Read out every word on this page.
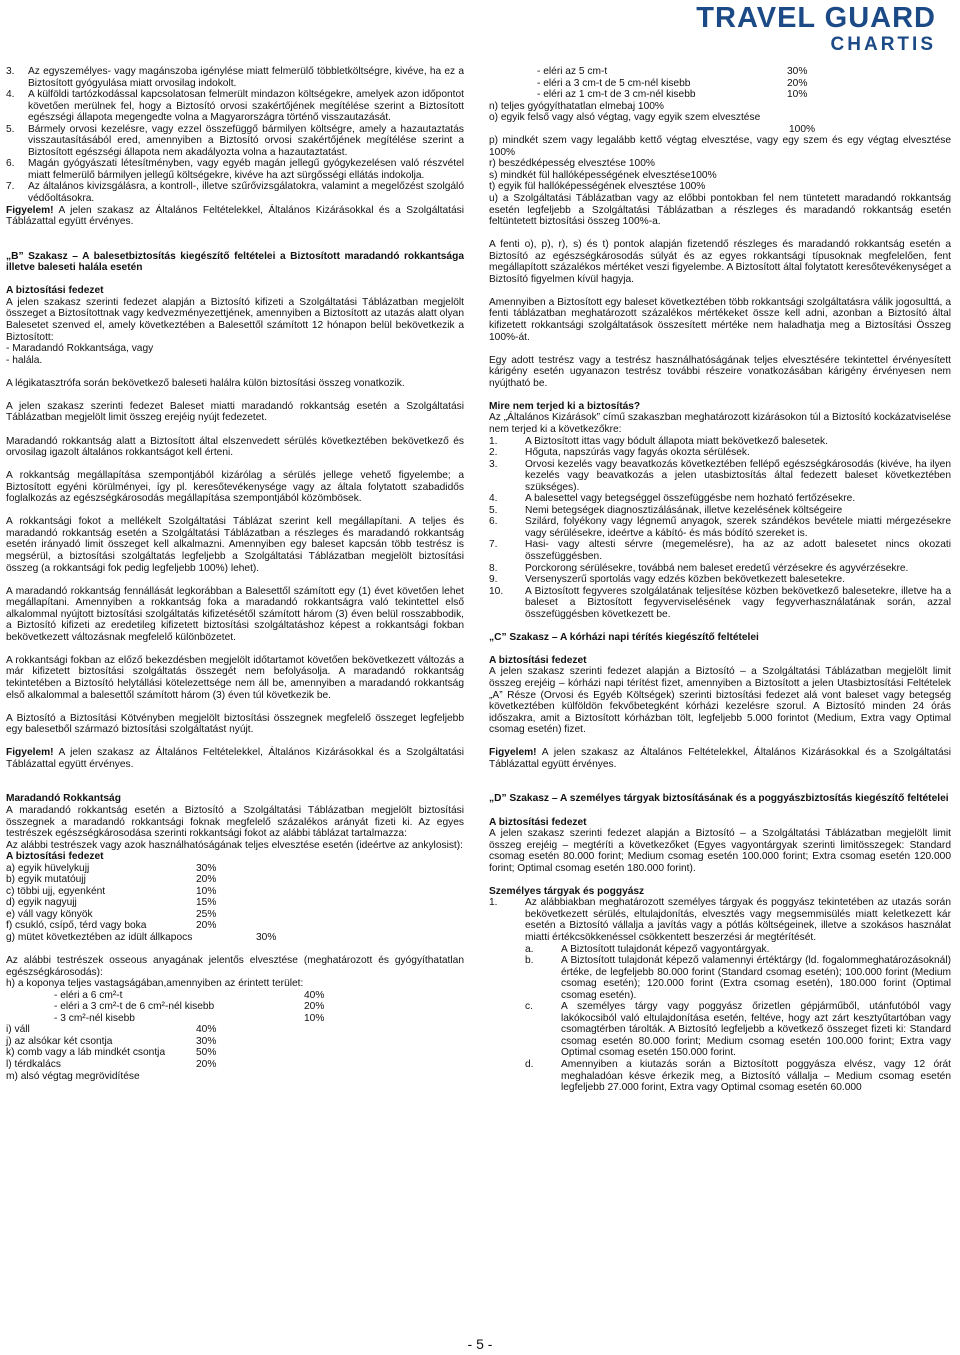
TRAVEL GUARD
CHARTIS

3. Az egyszemélyes- vagy magánszoba igénylése miatt felmerülő többletköltségre, kivéve, ha ez a Biztosított gyógyulása miatt orvosilag indokolt.

4. A külföldi tartózkodással kapcsolatosan felmerült mindazon költségekre, amelyek azon időpontot követően merülnek fel, hogy a Biztosító orvosi szakértőjének megítélése szerint a Biztosított egészségi állapota megengedte volna a Magyarországra történő visszautazását.

5. Bármely orvosi kezelésre, vagy ezzel összefüggő bármilyen költségre, amely a hazautaztatás visszautasításából ered, amennyiben a Biztosító orvosi szakértőjének megítélése szerint a Biztosított egészségi állapota nem akadályozta volna a hazautaztatást.

6. Magán gyógyászati létesítményben, vagy egyéb magán jellegű gyógykezelésen való részvétel miatt felmerülő bármilyen jellegű költségekre, kivéve ha azt sürgősségi ellátás indokolja.

7. Az általános kivizsgálásra, a kontroll-, illetve szűrővizsgálatokra, valamint a megelőzést szolgáló védőoltásokra.

Figyelem! A jelen szakasz az Általános Feltételekkel, Általános Kizárásokkal és a Szolgáltatási Táblázattal együtt érvényes.

„B” Szakasz – A balesetbiztosítás kiegészítő feltételei a Biztosított maradandó rokkantsága illetve baleseti halála esetén

A biztosítási fedezet

A jelen szakasz szerinti fedezet alapján a Biztosító kifizeti a Szolgáltatási Táblázatban megjelölt összeget a Biztosítottnak vagy kedvezményezettjének, amennyiben a Biztosított az utazás alatt olyan Balesetet szenved el, amely következtében a Balesettől számított 12 hónapon belül bekövetkezik a Biztosított:

- Maradandó Rokkantsága, vagy

- halála.

A légikatasztrófa során bekövetkező baleseti halálra külön biztosítási összeg vonatkozik.

A jelen szakasz szerinti fedezet Baleset miatti maradandó rokkantság esetén a Szolgáltatási Táblázatban megjelölt limit összeg erejéig nyújt fedezetet.

Maradandó rokkantság alatt a Biztosított által elszenvedett sérülés következtében bekövetkező és orvosilag igazolt általános rokkantságot kell érteni.

A rokkantság megállapítása szempontjából kizárólag a sérülés jellege vehető figyelembe; a Biztosított egyéni körülményei, így pl. keresőtevékenysége vagy az általa folytatott szabadidős foglalkozás az egészségkárosodás megállapítása szempontjából közömbösek.

A rokkantsági fokot a mellékelt Szolgáltatási Táblázat szerint kell megállapítani. A teljes és maradandó rokkantság esetén a Szolgáltatási Táblázatban a részleges és maradandó rokkantság esetén irányadó limit összeget kell alkalmazni. Amennyiben egy baleset kapcsán több testrész is megsérül, a biztosítási szolgáltatás legfeljebb a Szolgáltatási Táblázatban megjelölt biztosítási összeg (a rokkantsági fok pedig legfeljebb 100%) lehet).

A maradandó rokkantság fennállását legkorábban a Balesettől számított egy (1) évet követően lehet megállapítani. Amennyiben a rokkantság foka a maradandó rokkantságra való tekintettel első alkalommal nyújtott biztosítási szolgáltatás kifizetésétől számított három (3) éven belül rosszabbodik, a Biztosító kifizeti az eredetileg kifizetett biztosítási szolgáltatáshoz képest a rokkantsági fokban bekövetkezett változásnak megfelelő különbözetet.

A rokkantsági fokban az előző bekezdésben megjelölt időtartamot követően bekövetkezett változás a már kifizetett biztosítási szolgáltatás összegét nem befolyásolja. A maradandó rokkantság tekintetében a Biztosító helytállási kötelezettsége nem áll be, amennyiben a maradandó rokkantság első alkalommal a balesettől számított három (3) éven túl következik be.

A Biztosító a Biztosítási Kötvényben megjelölt biztosítási összegnek megfelelő összeget legfeljebb egy balesetből származó biztosítási szolgáltatást nyújt.

Figyelem! A jelen szakasz az Általános Feltételekkel, Általános Kizárásokkal és a Szolgáltatási Táblázattal együtt érvényes.

Maradandó Rokkantság

A maradandó rokkantság esetén a Biztosító a Szolgáltatási Táblázatban megjelölt biztosítási összegnek a maradandó rokkantsági foknak megfelelő százalékos arányát fizeti ki. Az egyes testrészek egészségkárosodása szerinti rokkantsági fokot az alábbi táblázat tartalmazza:

Az alábbi testrészek vagy azok használhatóságának teljes elvesztése esetén (ideértve az ankylosist):

A biztosítási fedezet

a) egyik hüvelykujj	30%
b) egyik mutatóujj	20%
c) többi ujj, egyenként	10%
d) egyik nagyujj	15%
e) váll vagy könyök	25%
f) csukló, csípő, térd vagy boka	20%
g) mütet következtében az idült állkapocs	30%

Az alábbi testrészek osseous anyagának jelentős elvesztése (meghatározott és gyógyíthatatlan egészségkárosodás):

h) a koponya teljes vastagságában,amennyiben az érintett terület:

- eléri a 6 cm²-t	40%
- eléri a 3 cm²-t de 6 cm²-nél kisebb	20%
- 3 cm²-nél kisebb	10%
i) váll	40%
j) az alsókar két csontja	30%
k) comb vagy a láb mindkét csontja	50%
l) térdkalács	20%

m) alsó végtag megrövidítése

- eléri az 5 cm-t	30%
- eléri a 3 cm-t de 5 cm-nél kisebb	20%
- eléri az 1 cm-t de 3 cm-nél kisebb	10%

n) teljes gyógyíthatatlan elmebaj 100%

o) egyik felső vagy alsó végtag, vagy egyik szem elvesztése

100%

p) mindkét szem vagy legalább kettő végtag elvesztése, vagy egy szem és egy végtag elvesztése 100%

r) beszédképesség elvesztése 100%

s) mindkét fül hallóképességének elvesztése100%

t) egyik fül hallóképességének elvesztése 100%

u) a Szolgáltatási Táblázatban vagy az előbbi pontokban fel nem tüntetett maradandó rokkantság esetén legfeljebb a Szolgáltatási Táblázatban a részleges és maradandó rokkantság esetén feltüntetett biztosítási összeg 100%-a.

A fenti o), p), r), s) és t) pontok alapján fizetendő részleges és maradandó rokkantság esetén a Biztosító az egészségkárosodás súlyát és az egyes rokkantsági típusoknak megfelelően, fent megállapított százalékos mértéket veszi figyelembe. A Biztosított által folytatott keresőtevékenységet a Biztosító figyelmen kívül hagyja.

Amennyiben a Biztosított egy baleset következtében több rokkantsági szolgáltatásra válik jogosulttá, a fenti táblázatban meghatározott százalékos mértékeket össze kell adni, azonban a Biztosító által kifizetett rokkantsági szolgáltatások összesített mértéke nem haladhatja meg a Biztosítási Összeg 100%-át.

Egy adott testrész vagy a testrész használhatóságának teljes elvesztésére tekintettel érvényesített kárigény esetén ugyanazon testrész további részeire vonatkozásában kárigény érvényesen nem nyújtható be.

Mire nem terjed ki a biztosítás?

Az „Általános Kizárások” című szakaszban meghatározott kizárásokon túl a Biztosító kockázatviselése nem terjed ki a következőkre:

1.	A Biztosított ittas vagy bódult állapota miatt bekövetkező balesetek.

2.	Hőguta, napszúrás vagy fagyás okozta sérülések.

3.	Orvosi kezelés vagy beavatkozás következtében fellépő egészségkárosodás (kivéve, ha ilyen kezelés vagy beavatkozás a jelen utasbiztosítás által fedezett baleset következtében szükséges).

4.	A balesettel vagy betegséggel összefüggésbe nem hozható fertőzésekre.

5.	Nemi betegségek diagnosztizálásának, illetve kezelésének költségeire

6.	Szilárd, folyékony vagy légnemű anyagok, szerek szándékos bevétele miatti mérgezésekre vagy sérülésekre, ideértve a kábító- és más bódító szereket is.

7.	Hasi- vagy altesti sérvre (megemelésre), ha az az adott balesetet nincs okozati összefüggésben.

8.	Porckorong sérülésekre, továbbá nem baleset eredetű vérzésekre és agyvérzésekre.

9.	Versenyszerű sportolás vagy edzés közben bekövetkezett balesetekre.

10. A Biztosított fegyveres szolgálatának teljesítése közben bekövetkező balesetekre, illetve ha a baleset a Biztosított fegyverviselésének vagy fegyverhasználatának során, azzal összefüggésben következett be.

„C” Szakasz – A kórházi napi térítés kiegészítő feltételei

A biztosítási fedezet

A jelen szakasz szerinti fedezet alapján a Biztosító – a Szolgáltatási Táblázatban megjelölt limit összeg erejéig – kórházi napi térítést fizet, amennyiben a Biztosított a jelen Utasbiztosítási Feltételek „A” Része (Orvosi és Egyéb Költségek) szerinti biztosítási fedezet alá vont baleset vagy betegség következtében külföldön fekvőbetegként kórházi kezelésre szorul. A Biztosító minden 24 órás időszakra, amit a Biztosított kórházban tölt, legfeljebb 5.000 forintot (Medium, Extra vagy Optimal csomag esetén) fizet.

Figyelem! A jelen szakasz az Általános Feltételekkel, Általános Kizárásokkal és a Szolgáltatási Táblázattal együtt érvényes.

„D” Szakasz – A személyes tárgyak biztosításának és a poggyászbiztosítás kiegészítő feltételei

A biztosítási fedezet

A jelen szakasz szerinti fedezet alapján a Biztosító – a Szolgáltatási Táblázatban megjelölt limit összeg erejéig – megtéríti a következőket (Egyes vagyontárgyak szerinti limitösszegek: Standard csomag esetén 80.000 forint; Medium csomag esetén 100.000 forint; Extra csomag esetén 120.000 forint; Optimal csomag esetén 180.000 forint).

Személyes tárgyak és poggyász

1.	Az alábbiakban meghatározott személyes tárgyak és poggyász tekintetében az utazás során bekövetkezett sérülés, eltulajdonítás, elvesztés vagy megsemmisülés miatt keletkezett kár esetén a Biztosító vállalja a javítás vagy a pótlás költségeinek, illetve a szokásos használat miatti értékcsökkenéssel csökkentett beszerzési ár megtérítését.

a.	A Biztosított tulajdonát képező vagyontárgyak.

b.	A Biztosított tulajdonát képező valamennyi értéktárgy (ld. fogalommeghatározásoknál) értéke, de legfeljebb 80.000 forint (Standard csomag esetén); 100.000 forint (Medium csomag esetén); 120.000 forint (Extra csomag esetén), 180.000 forint (Optimal csomag esetén).

c.	A személyes tárgy vagy poggyász őrizetlen gépjárműből, utánfutóból vagy lakókocsiból való eltulajdonítása esetén, feltéve, hogy azt zárt kesztyűtartóban vagy csomagtérben tárolták. A Biztosító legfeljebb a következő összeget fizeti ki: Standard csomag esetén 80.000 forint; Medium csomag esetén 100.000 forint; Extra vagy Optimal csomag esetén 150.000 forint.

d.	Amennyiben a kiutazás során a Biztosított poggyásza elvész, vagy 12 órát meghaladóan késve érkezik meg, a Biztosító vállalja – Medium csomag esetén legfeljebb 27.000 forint, Extra vagy Optimal csomag esetén 60.000

- 5 -
